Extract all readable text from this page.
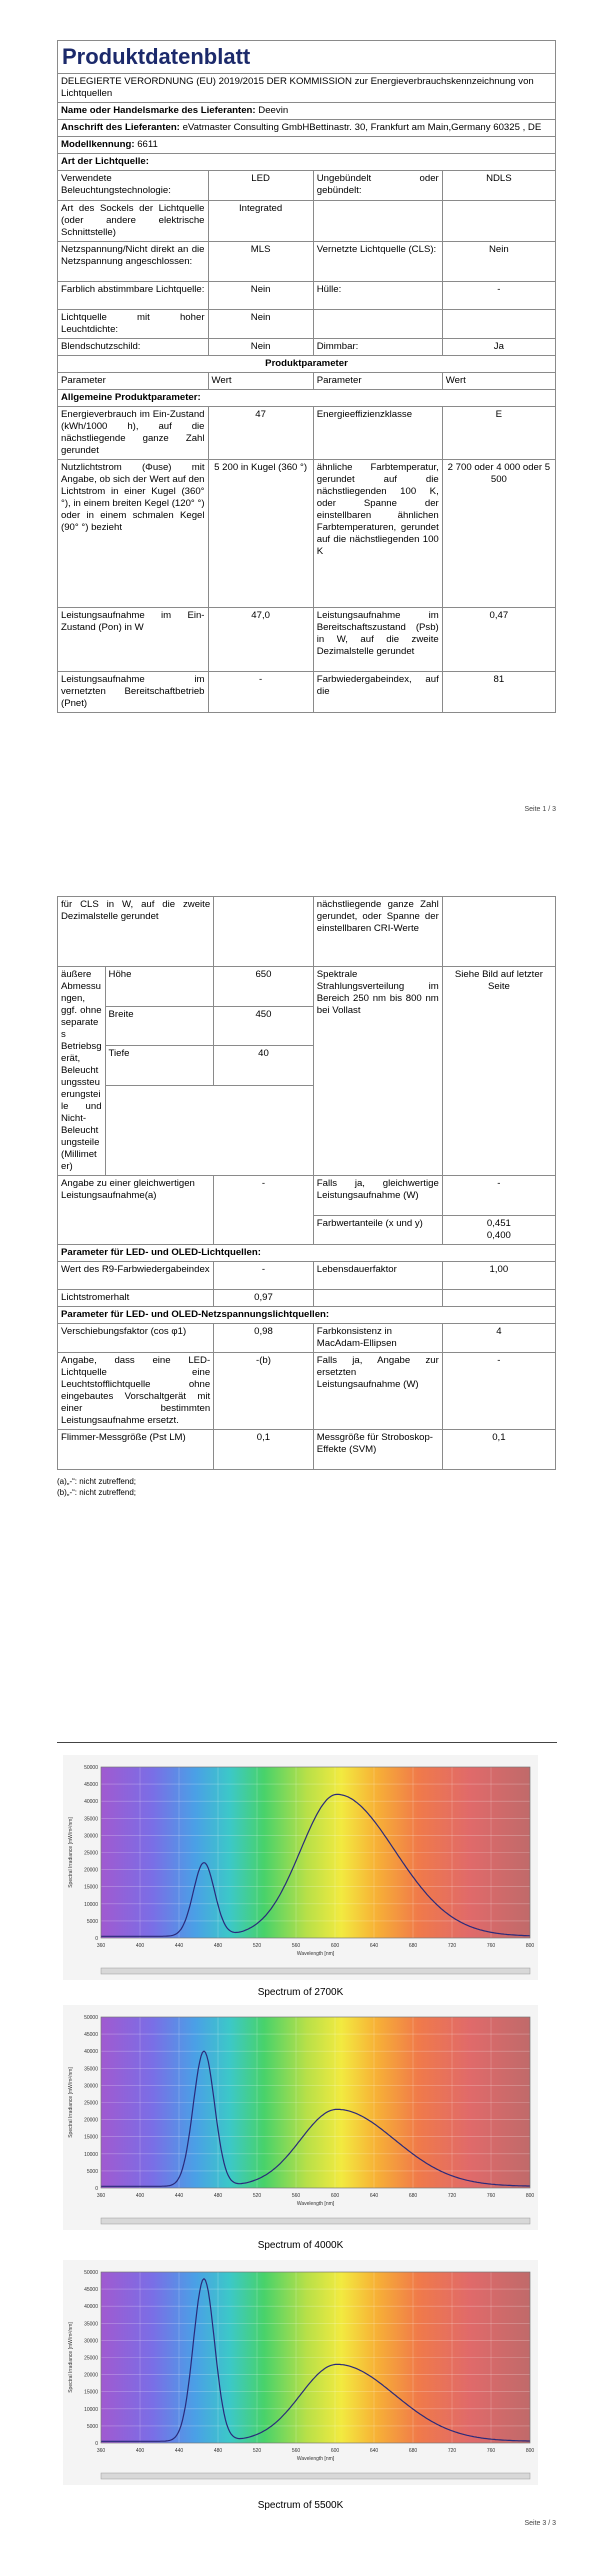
Produktdatenblatt			
DELEGIERTE VERORDNUNG (EU) 2019/2015 DER KOMMISSION zur Energieverbrauchskennzeichnung von Lichtquellen			
Name oder Handelsmarke des Lieferanten: Deevin			
Anschrift des Lieferanten: eVatmaster Consulting GmbHBettinastr. 30, Frankfurt am Main,Germany 60325 , DE			
Modellkennung: 6611			
Art der Lichtquelle:			
Verwendete Beleuchtungstechnologie:	LED	Ungebündelt oder gebündelt:	NDLS
Art des Sockels der Lichtquelle (oder andere elektrische Schnittstelle)	Integrated		
Netzspannung/Nicht direkt an die Netzspannung angeschlossen:	MLS	Vernetzte Lichtquelle (CLS):	Nein
Farblich abstimmbare Lichtquelle:	Nein	Hülle:	-
Lichtquelle mit hoher Leuchtdichte:	Nein		
Blendschutzschild:	Nein	Dimmbar:	Ja
Produktparameter			
Parameter	Wert	Parameter	Wert
Allgemeine Produktparameter:			
Energieverbrauch im Ein-Zustand (kWh/1000 h), auf die nächstliegende ganze Zahl gerundet	47	Energieeffizienzklasse	E
Nutzlichtstrom (Φuse) mit Angabe, ob sich der Wert auf den Lichtstrom in einer Kugel (360° °), in einem breiten Kegel (120° °) oder in einem schmalen Kegel (90° °) bezieht	5 200 in Kugel (360 °)	ähnliche Farbtemperatur, gerundet auf die nächstliegenden 100 K, oder Spanne der einstellbaren ähnlichen Farbtemperaturen, gerundet auf die nächstliegenden 100 K	2 700 oder 4 000 oder 5 500
Leistungsaufnahme im Ein-Zustand (Pon) in W	47,0	Leistungsaufnahme im Bereitschaftszustand (Psb) in W, auf die zweite Dezimalstelle gerundet	0,47
Leistungsaufnahme im vernetzten Bereitschaftbetrieb (Pnet)	-	Farbwiedergabeindex, auf die	81
Seite 1 / 3
für CLS in W, auf die zweite Dezimalstelle gerundet			nächstliegende ganze Zahl gerundet, oder Spanne der einstellbaren CRI-Werte	
äußere Abmessungen, ggf. ohne separates Betriebsgerät, Beleuchtungssteuerungsteile und Nicht-Beleuchtungsteile (Millimeter)	Höhe	650	Spektrale Strahlungsverteilung im Bereich 250 nm bis 800 nm bei Vollast	Siehe Bild auf letzter Seite
	Breite	450		
	Tiefe	40		

Angabe zu einer gleichwertigen Leistungsaufnahme(a)		-	Falls ja, gleichwertige Leistungsaufnahme (W)	-
			Farbwertanteile (x und y)	0,451
0,400

Parameter für LED- und OLED-Lichtquellen:				
Wert des R9-Farbwiedergabeindex		-	Lebensdauerfaktor	1,00
Lichtstromerhalt		0,97		
Parameter für LED- und OLED-Netzspannungslichtquellen:				
Verschiebungsfaktor (cos φ1)		0,98	Farbkonsistenz in MacAdam-Ellipsen	4
Angabe, dass eine LED-Lichtquelle eine Leuchtstofflichtquelle ohne eingebautes Vorschaltgerät mit einer bestimmten Leistungsaufnahme ersetzt.		-(b)	Falls ja, Angabe zur ersetzten Leistungsaufnahme (W)	-
Flimmer-Messgröße (Pst LM)		0,1	Messgröße für Stroboskop-Effekte (SVM)	0,1
(a)„-“: nicht zutreffend;
(b)„-“: nicht zutreffend;
0
5000
10000
15000
20000
25000
30000
35000
40000
45000
50000
360	400	440	480	520	560	600	640	680	720	760	800
Wavelength [nm]
Spectral Irradiance [mW/m²/nm]
Spectrum of 2700K
0
5000
10000
15000
20000
25000
30000
35000
40000
45000
50000
360	400	440	480	520	560	600	640	680	720	760	800
Wavelength [nm]
Spectral Irradiance [mW/m²/nm]
Spectrum of 4000K
0
5000
10000
15000
20000
25000
30000
35000
40000
45000
50000
360	400	440	480	520	560	600	640	680	720	760	800
Wavelength [nm]
Spectral Irradiance [mW/m²/nm]
Spectrum of 5500K
Seite 3 / 3
